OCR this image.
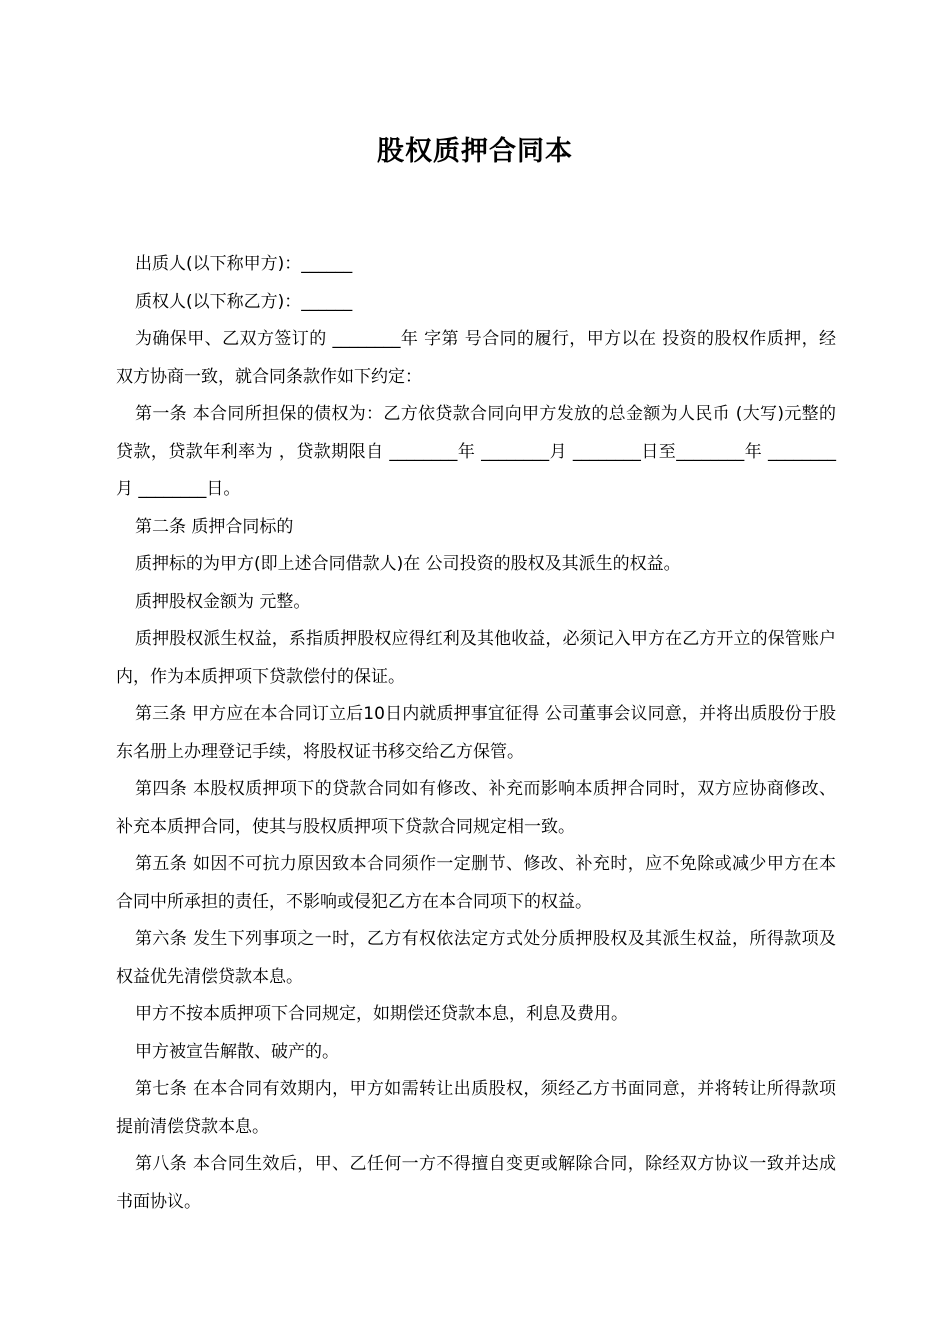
股权质押合同本

出质人(以下称甲方)：______

质权人(以下称乙方)：______

为确保甲、乙双方签订的 ________年 字第 号合同的履行，甲方以在 投资的股权作质押，经双方协商一致，就合同条款作如下约定：

第一条 本合同所担保的债权为：乙方依贷款合同向甲方发放的总金额为人民币 (大写)元整的贷款，贷款年利率为 ，贷款期限自 ________年 ________月 ________日至________年 ________月 ________日。

第二条 质押合同标的

质押标的为甲方(即上述合同借款人)在 公司投资的股权及其派生的权益。

质押股权金额为 元整。

质押股权派生权益，系指质押股权应得红利及其他收益，必须记入甲方在乙方开立的保管账户内，作为本质押项下贷款偿付的保证。

第三条 甲方应在本合同订立后10日内就质押事宜征得 公司董事会议同意，并将出质股份于股东名册上办理登记手续，将股权证书移交给乙方保管。

第四条 本股权质押项下的贷款合同如有修改、补充而影响本质押合同时，双方应协商修改、补充本质押合同，使其与股权质押项下贷款合同规定相一致。

第五条 如因不可抗力原因致本合同须作一定删节、修改、补充时，应不免除或减少甲方在本合同中所承担的责任，不影响或侵犯乙方在本合同项下的权益。

第六条 发生下列事项之一时，乙方有权依法定方式处分质押股权及其派生权益，所得款项及权益优先清偿贷款本息。

甲方不按本质押项下合同规定，如期偿还贷款本息，利息及费用。

甲方被宣告解散、破产的。

第七条 在本合同有效期内，甲方如需转让出质股权，须经乙方书面同意，并将转让所得款项提前清偿贷款本息。

第八条 本合同生效后，甲、乙任何一方不得擅自变更或解除合同，除经双方协议一致并达成书面协议。
